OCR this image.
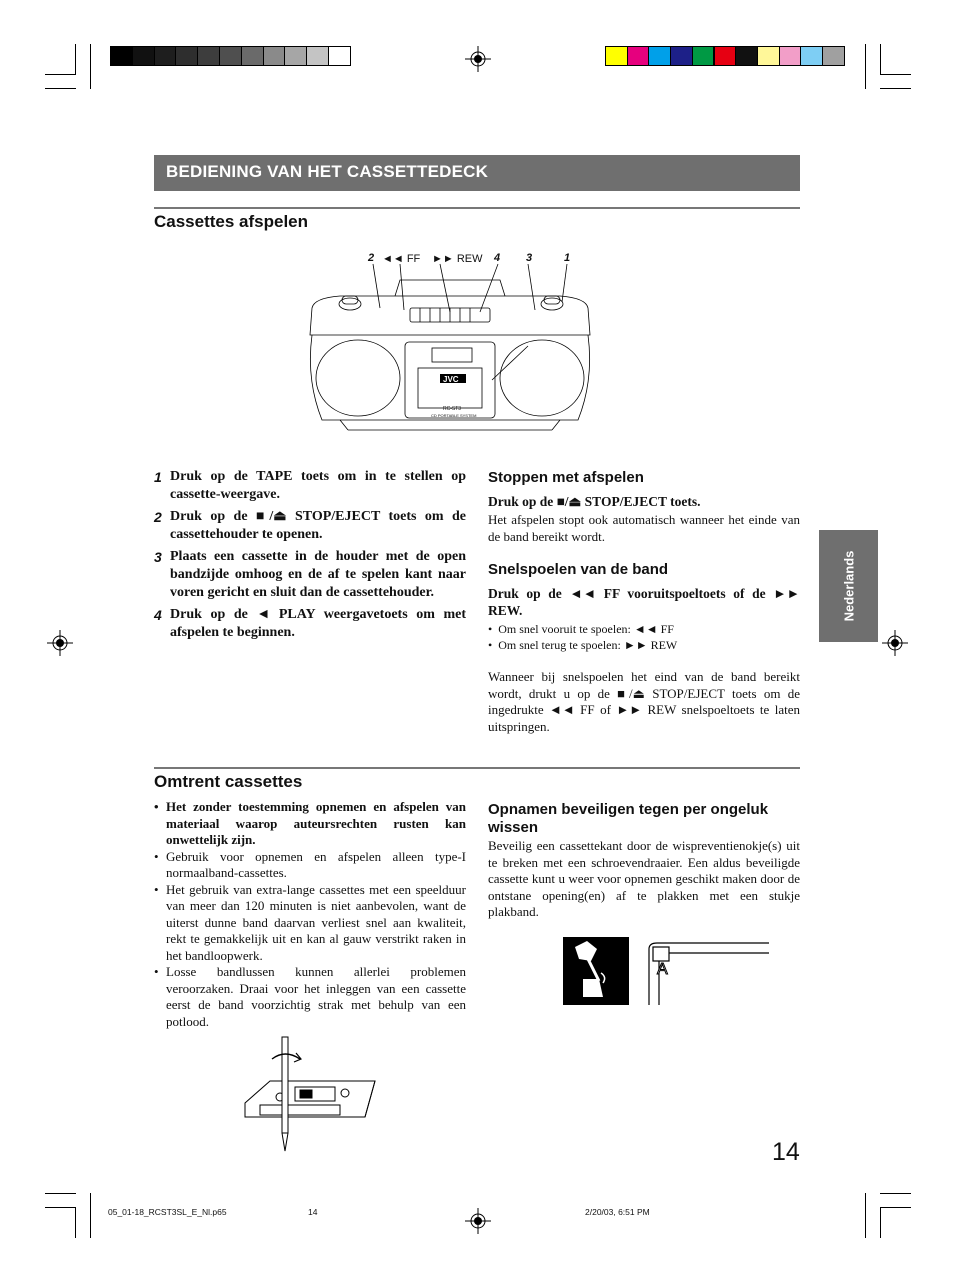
BEDIENING VAN HET CASSETTEDECK
Nederlands
Cassettes afspelen
2 ◄◄ FF ►► REW 4 3	1
JVC
RC-ST3
CD PORTABLE SYSTEM
1 Druk op de TAPE toets om in te stellen op cassette-weergave.
2 Druk op de ■/⏏ STOP/EJECT toets om de cassettehouder te openen.
3 Plaats een cassette in de houder met de open bandzijde omhoog en de af te spelen kant naar voren gericht en sluit dan de cassettehouder.
4 Druk op de ◄ PLAY weergavetoets om met afspelen te beginnen.
Stoppen met afspelen
Druk op de ■/⏏ STOP/EJECT toets.
Het afspelen stopt ook automatisch wanneer het einde van de band bereikt wordt.
Snelspoelen van de band
Druk op de ◄◄ FF vooruitspoeltoets of de ►► REW.
•  Om snel vooruit te spoelen: ◄◄ FF
•  Om snel terug te spoelen: ►► REW
Wanneer bij snelspoelen het eind van de band bereikt wordt, drukt u op de ■/⏏ STOP/EJECT toets om de ingedrukte ◄◄ FF of ►► REW snelspoeltoets te laten uitspringen.
Omtrent cassettes
• Het zonder toestemming opnemen en afspelen van materiaal waarop auteursrechten rusten kan onwettelijk zijn.
• Gebruik voor opnemen en afspelen alleen type-I normaalband-cassettes.
• Het gebruik van extra-lange cassettes met een speelduur van meer dan 120 minuten is niet aanbevolen, want de uiterst dunne band daarvan verliest snel aan kwaliteit, rekt te gemakkelijk uit en kan al gauw verstrikt raken in het bandloopwerk.
• Losse bandlussen kunnen allerlei problemen veroorzaken. Draai voor het inleggen van een cassette eerst de band voorzichtig strak met behulp van een potlood.
Opnamen beveiligen tegen per ongeluk wissen
Beveilig een cassettekant door de wispreventienokje(s) uit te breken met een schroevendraaier. Een aldus beveiligde cassette kunt u weer voor opnemen geschikt maken door de ontstane opening(en) af te plakken met een stukje plakband.
A
14
05_01-18_RCST3SL_E_Nl.p65	14	2/20/03, 6:51 PM
